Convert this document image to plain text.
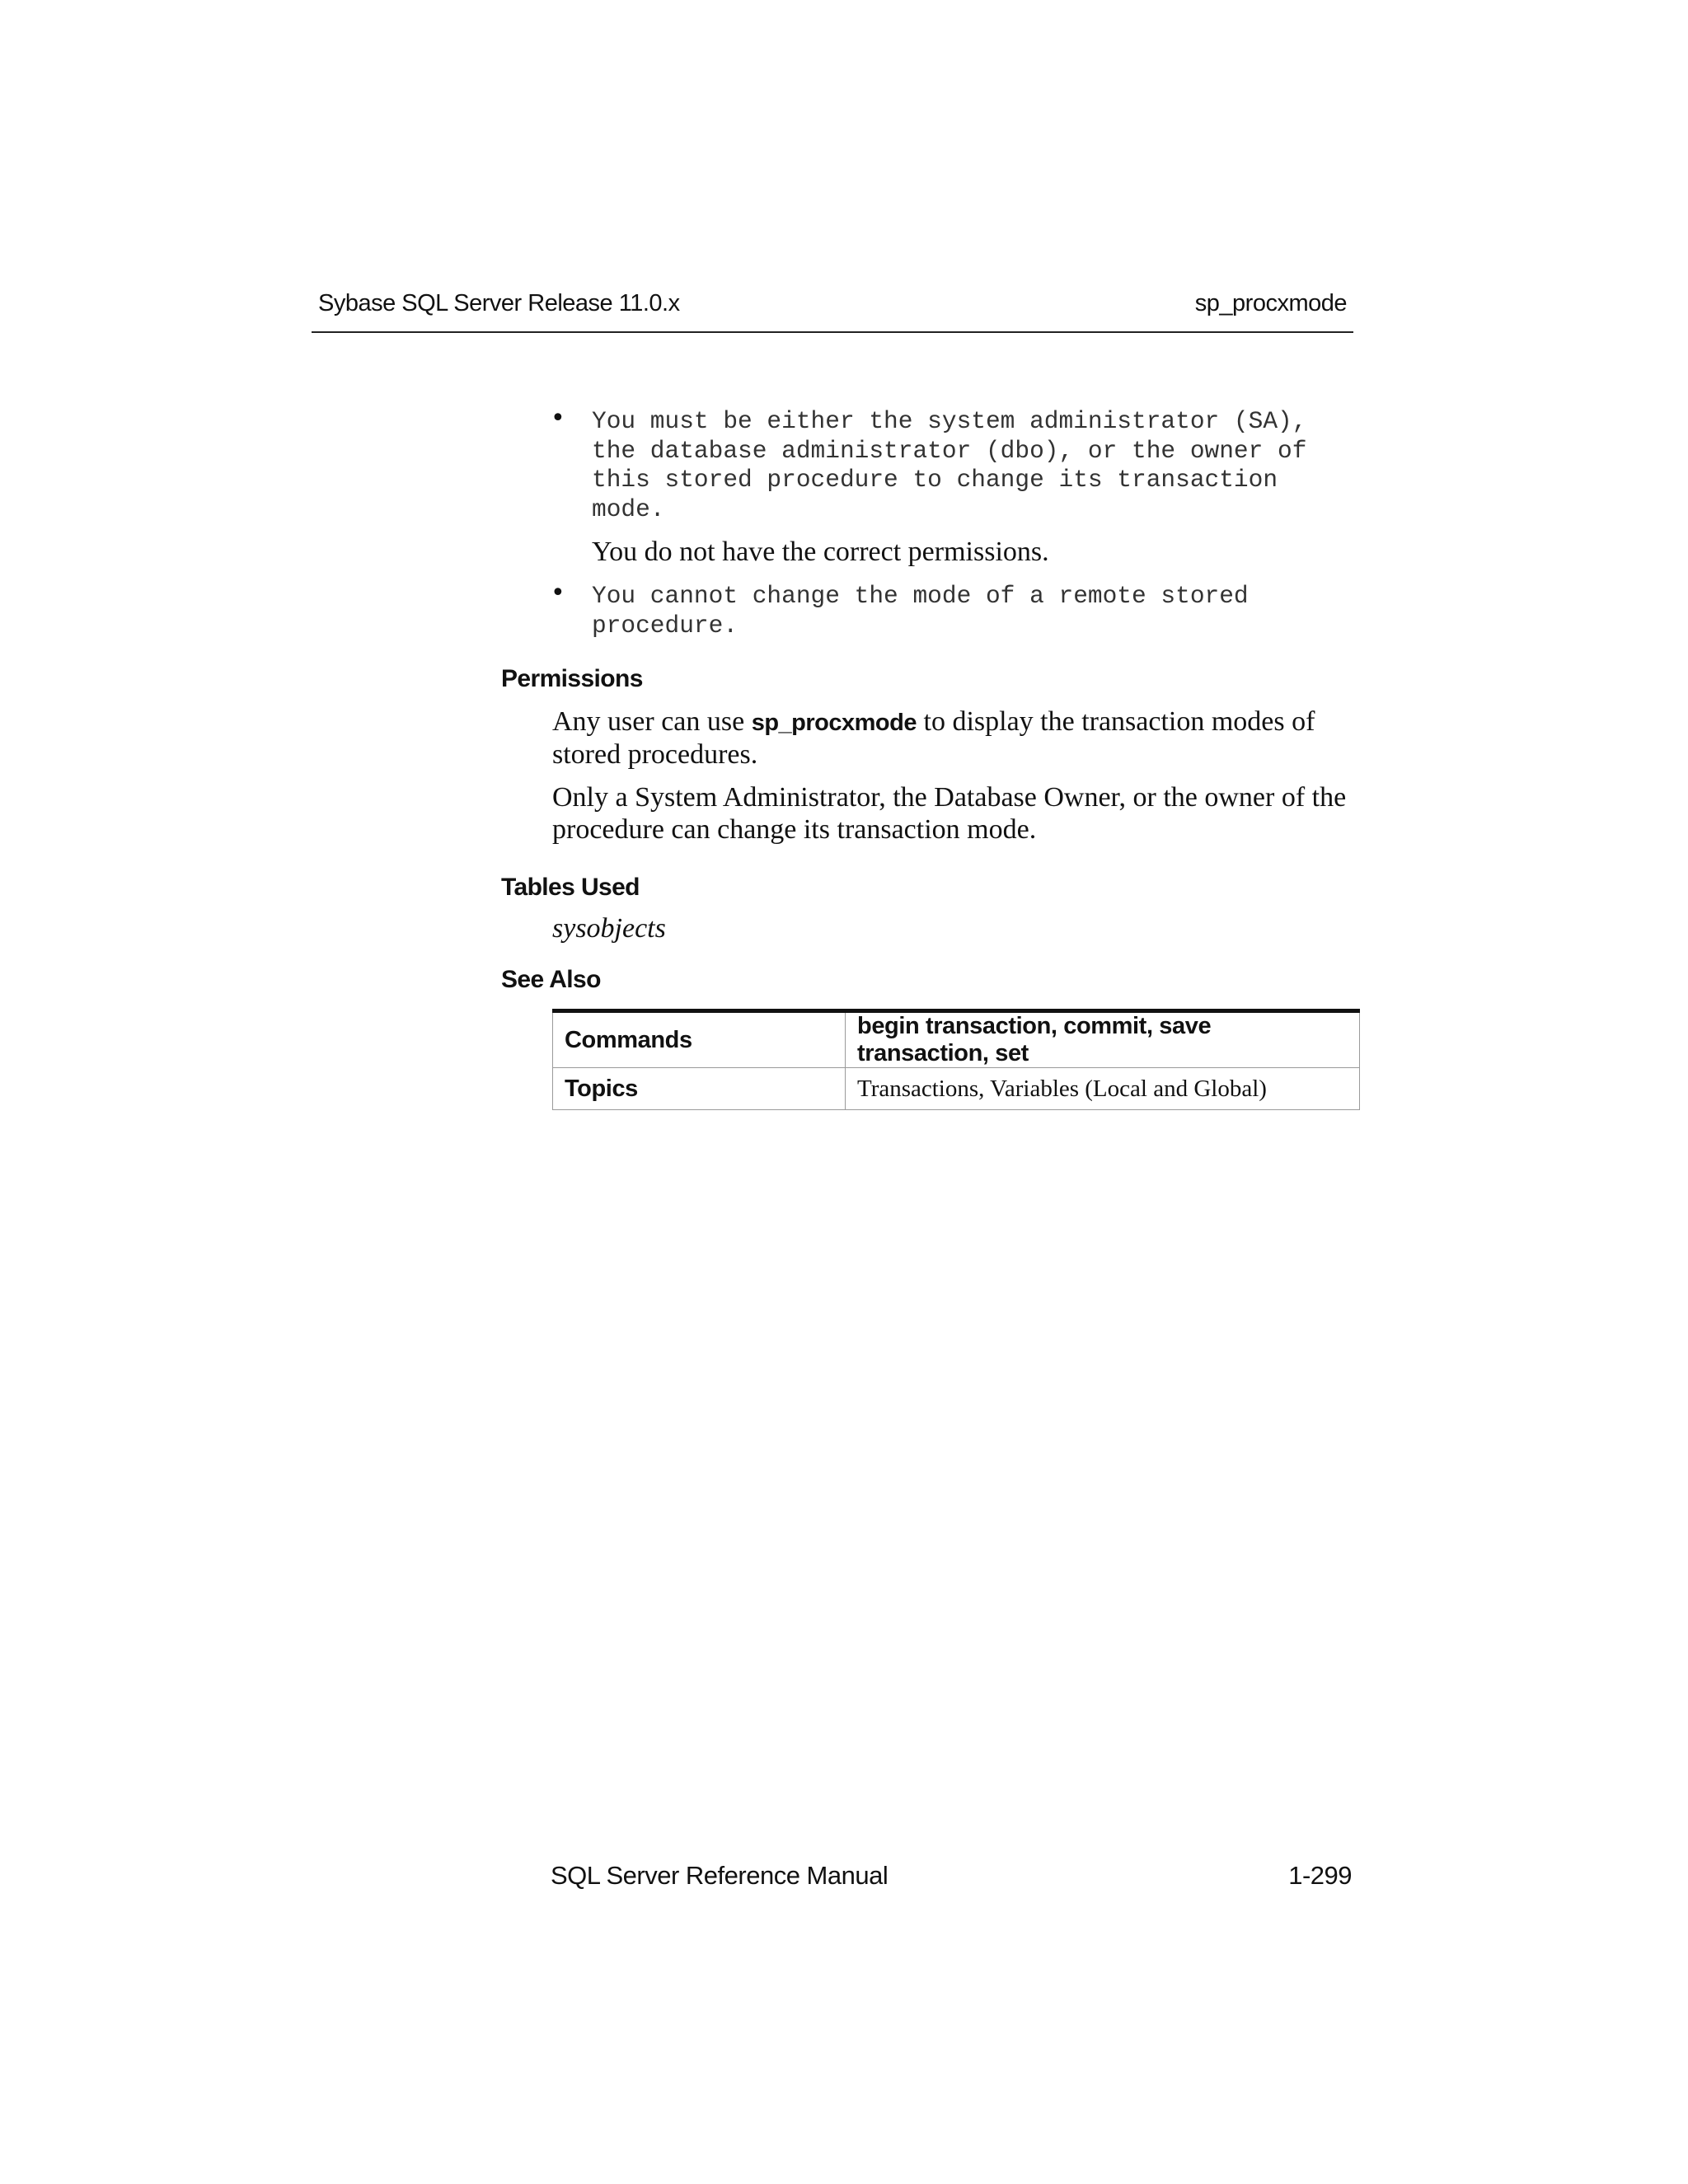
Sybase SQL Server Release 11.0.x	sp_procxmode
• You must be either the system administrator (SA),
the database administrator (dbo), or the owner of
this stored procedure to change its transaction
mode.
You do not have the correct permissions.
• You cannot change the mode of a remote stored
procedure.
Permissions
Any user can use sp_procxmode to display the transaction modes of stored procedures.
Only a System Administrator, the Database Owner, or the owner of the procedure can change its transaction mode.
Tables Used
sysobjects
See Also
Commands	begin transaction, commit, save transaction, set
Topics	Transactions, Variables (Local and Global)
SQL Server Reference Manual	1-299
